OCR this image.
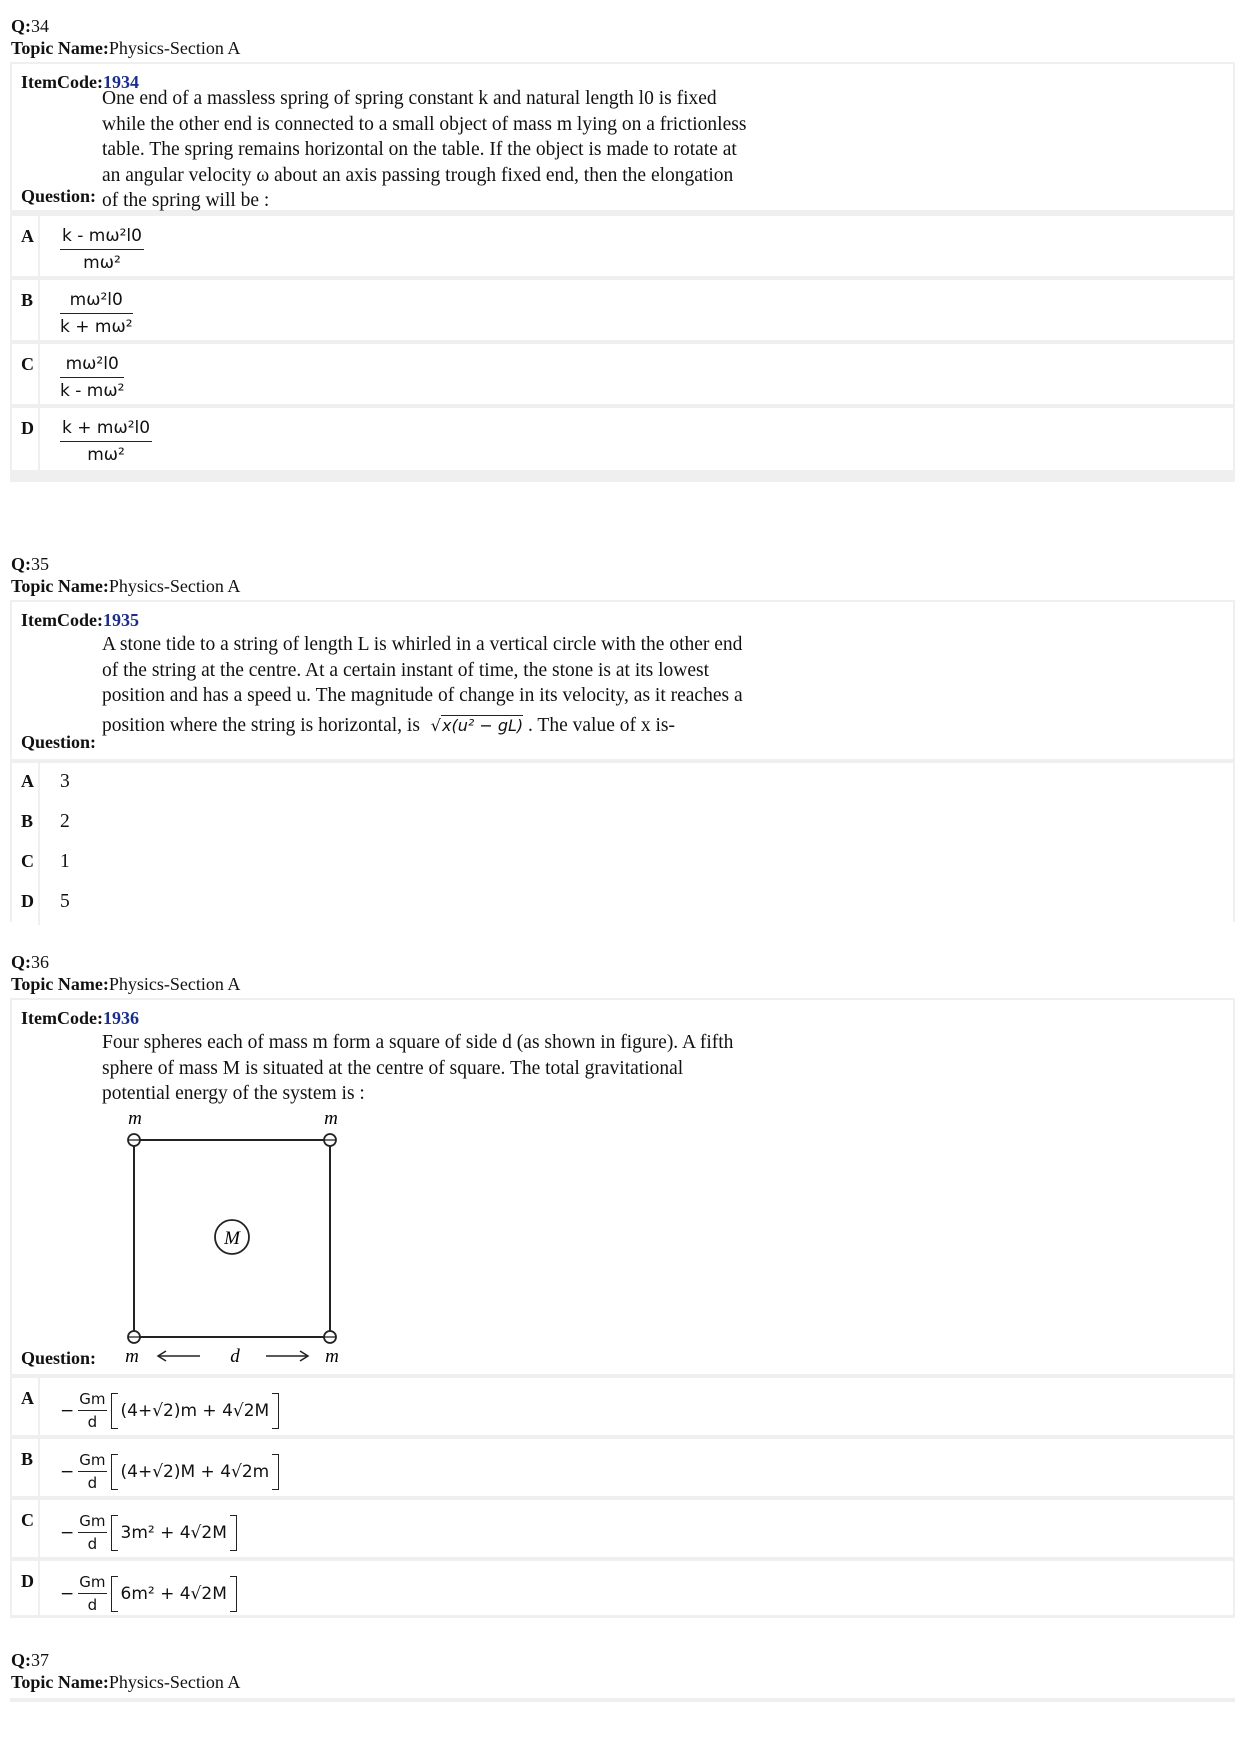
Q:34
Topic Name:Physics-Section A
ItemCode:1934
One end of a massless spring of spring constant k and natural length l0 is fixed
while the other end is connected to a small object of mass m lying on a frictionless
table. The spring remains horizontal on the table. If the object is made to rotate at
an angular velocity ω about an axis passing trough fixed end, then the elongation
of the spring will be :
Question:
A	$\frac{\text{k - mω²l0}}{\text{mω²}}$
B	$\frac{\text{mω²l0}}{\text{k + mω²}}$
C	$\frac{\text{mω²l0}}{\text{k - mω²}}$
D	$\frac{\text{k + mω²l0}}{\text{mω²}}$
Q:35
Topic Name:Physics-Section A
ItemCode:1935
A stone tide to a string of length L is whirled in a vertical circle with the other end
of the string at the centre. At a certain instant of time, the stone is at its lowest
position and has a speed u. The magnitude of change in its velocity, as it reaches a
position where the string is horizontal, is √x(u² − gL) . The value of x is-
Question:
A	3
B	2
C	1
D	5
Q:36
Topic Name:Physics-Section A
ItemCode:1936
Four spheres each of mass m form a square of side d (as shown in figure). A fifth
sphere of mass M is situated at the centre of square. The total gravitational
potential energy of the system is :
M
m	m
m	m
d
Question:
A
− $\frac{Gm}{d} (4+√2)m + 4√2M$
B
− $\frac{Gm}{d} (4+√2)M + 4√2m$
C
− $\frac{Gm}{d} 3m^2 + 4√2M$
D
− $\frac{Gm}{d} 6m^2 + 4√2M$
Q:37
Topic Name:Physics-Section A
